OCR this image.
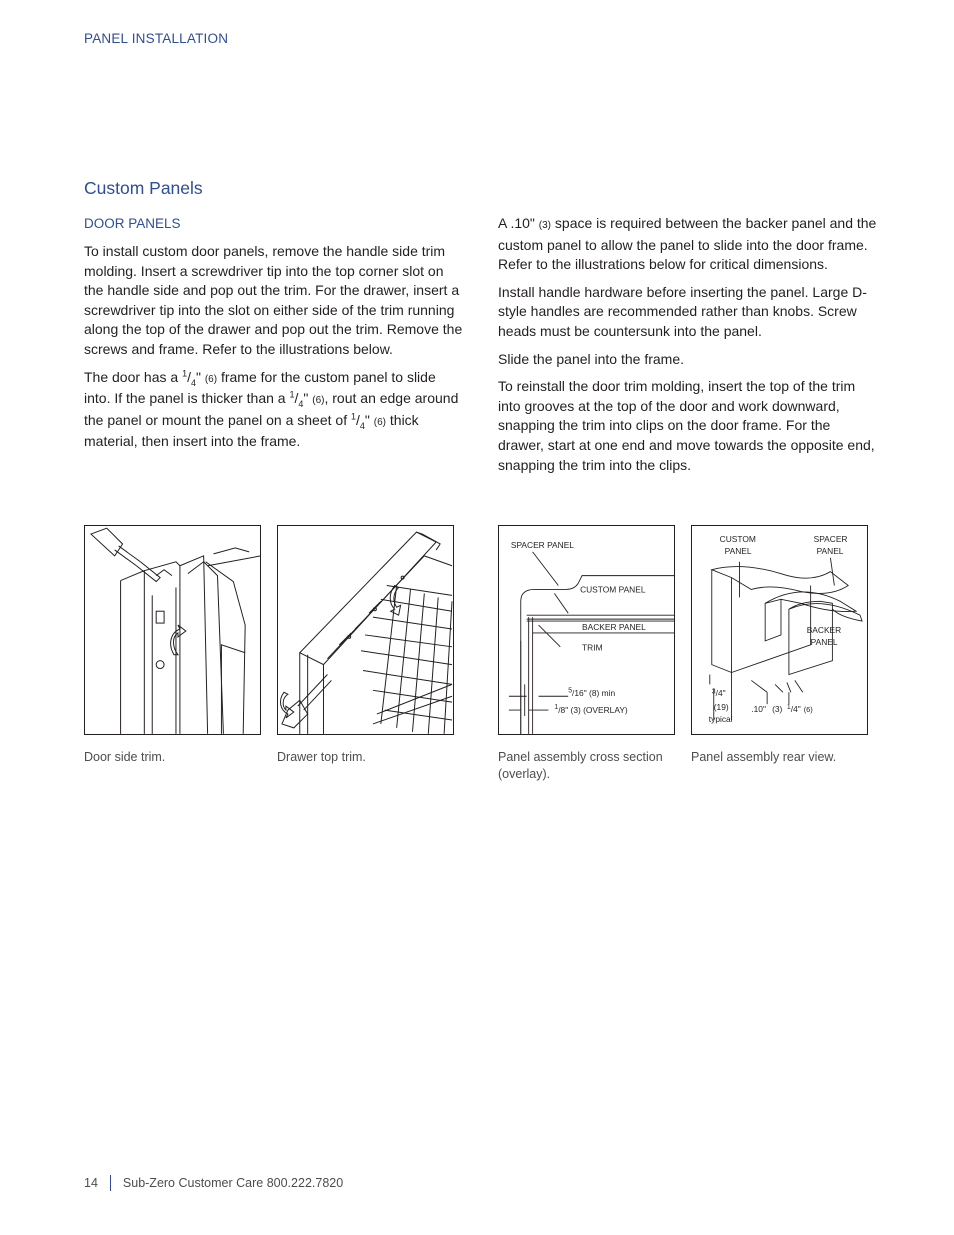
PANEL INSTALLATION
Custom Panels
DOOR PANELS

To install custom door panels, remove the handle side trim molding. Insert a screwdriver tip into the top corner slot on the handle side and pop out the trim. For the drawer, insert a screwdriver tip into the slot on either side of the trim running along the top of the drawer and pop out the trim. Remove the screws and frame. Refer to the illustrations below.

The door has a $^1/_4$" (6) frame for the custom panel to slide into. If the panel is thicker than a $^1/_4$" (6), rout an edge around the panel or mount the panel on a sheet of $^1/_4$" (6) thick material, then insert into the frame.

A .10" (3) space is required between the backer panel and the custom panel to allow the panel to slide into the door frame. Refer to the illustrations below for critical dimensions.

Install handle hardware before inserting the panel. Large D-style handles are recommended rather than knobs. Screw heads must be countersunk into the panel.

Slide the panel into the frame.

To reinstall the door trim molding, insert the top of the trim into grooves at the top of the door and work downward, snapping the trim into clips on the door frame. For the drawer, start at one end and move towards the opposite end, snapping the trim into the clips.

SPACER PANEL
CUSTOM PANEL
BACKER PANEL
TRIM
$^5$/16" (8) min
$^1$/8" (3) (OVERLAY)
CUSTOM
PANEL
SPACER
PANEL
BACKER
PANEL
$^3$/4"
(19)
typical
.10" (3) $^1$/4" (6)
Door side trim.	Drawer top trim.	Panel assembly cross section (overlay).
Panel assembly rear view.
14 Sub-Zero Customer Care 800.222.7820
